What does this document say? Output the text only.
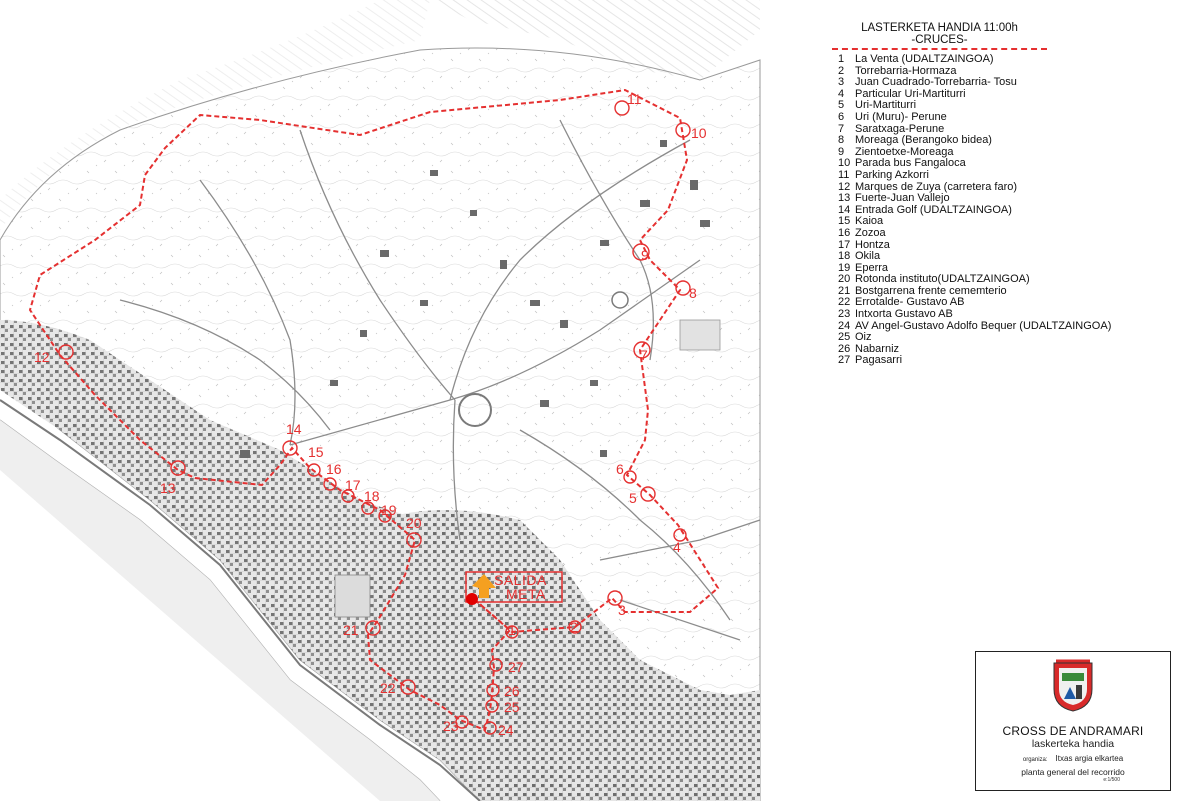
1	2
3
4
5
6
7
8
9
10
11
12
13
14
15
16
17
18
19
20
21
22
23	24
25
26
27
SALIDA
META
LASTERKETA HANDIA 11:00h
-CRUCES-
1 La Venta (UDALTZAINGOA)
2 Torrebarria-Hormaza
3 Juan Cuadrado-Torrebarria- Tosu
4 Particular Uri-Martiturri
5 Uri-Martiturri
6 Uri (Muru)- Perune
7 Saratxaga-Perune
8 Moreaga (Berangoko bidea)
9 Zientoetxe-Moreaga
10 Parada bus Fangaloca
11 Parking Azkorri
12 Marques de Zuya (carretera faro)
13 Fuerte-Juan Vallejo
14 Entrada Golf (UDALTZAINGOA)
15 Kaioa
16 Zozoa
17 Hontza
18 Okila
19 Eperra
20 Rotonda instituto(UDALTZAINGOA)
21 Bostgarrena frente cememterio
22 Errotalde- Gustavo AB
23 Intxorta Gustavo AB
24 AV Angel-Gustavo Adolfo Bequer (UDALTZAINGOA)
25 Oiz
26 Nabarniz
27 Pagasarri
CROSS DE ANDRAMARI
laskerteka handia
organiza: Itxas argia elkartea
planta general del recorrido
e:1/500
